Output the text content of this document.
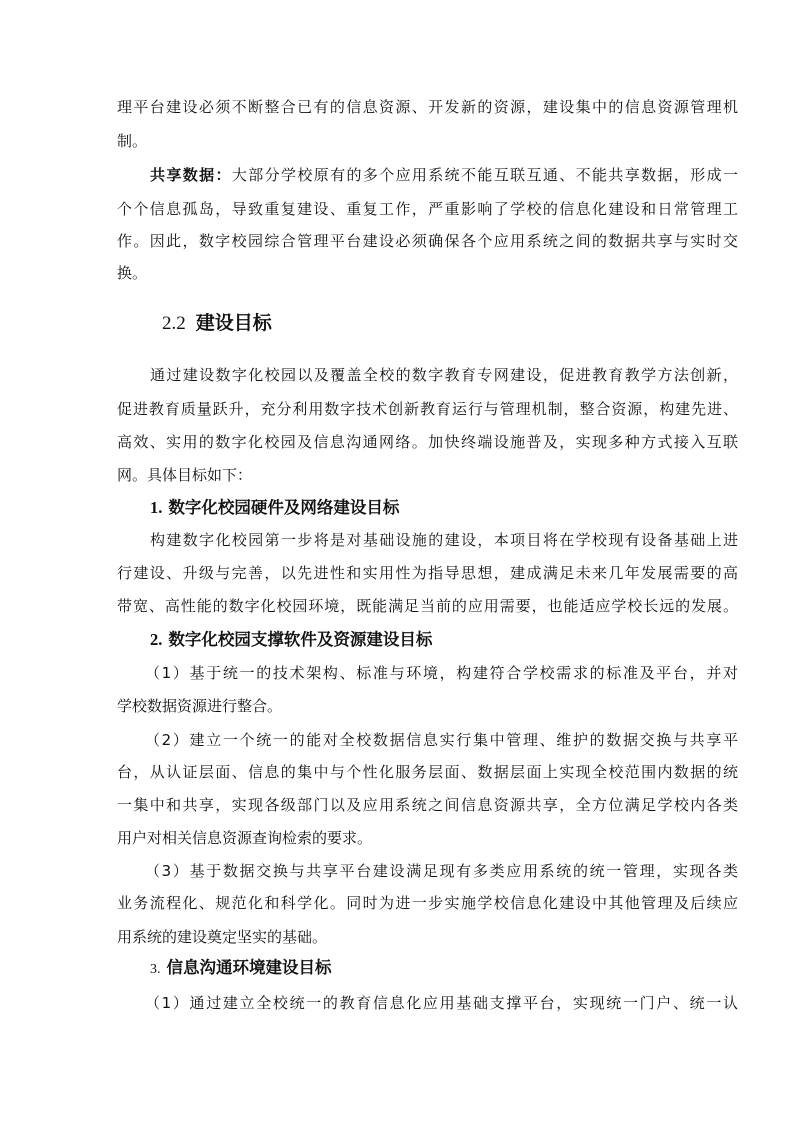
理平台建设必须不断整合已有的信息资源、开发新的资源，建设集中的信息资源管理机
制。
共享数据：大部分学校原有的多个应用系统不能互联互通、不能共享数据，形成一
个个信息孤岛，导致重复建设、重复工作，严重影响了学校的信息化建设和日常管理工
作。因此，数字校园综合管理平台建设必须确保各个应用系统之间的数据共享与实时交
换。
2.2 建设目标
通过建设数字化校园以及覆盖全校的数字教育专网建设，促进教育教学方法创新，
促进教育质量跃升，充分利用数字技术创新教育运行与管理机制，整合资源，构建先进、
高效、实用的数字化校园及信息沟通网络。加快终端设施普及，实现多种方式接入互联
网。具体目标如下：
1. 数字化校园硬件及网络建设目标
构建数字化校园第一步将是对基础设施的建设，本项目将在学校现有设备基础上进
行建设、升级与完善，以先进性和实用性为指导思想，建成满足未来几年发展需要的高
带宽、高性能的数字化校园环境，既能满足当前的应用需要，也能适应学校长远的发展。
2. 数字化校园支撑软件及资源建设目标
（1）基于统一的技术架构、标准与环境，构建符合学校需求的标准及平台，并对
学校数据资源进行整合。
（2）建立一个统一的能对全校数据信息实行集中管理、维护的数据交换与共享平
台，从认证层面、信息的集中与个性化服务层面、数据层面上实现全校范围内数据的统
一集中和共享，实现各级部门以及应用系统之间信息资源共享，全方位满足学校内各类
用户对相关信息资源查询检索的要求。
（3）基于数据交换与共享平台建设满足现有多类应用系统的统一管理，实现各类
业务流程化、规范化和科学化。同时为进一步实施学校信息化建设中其他管理及后续应
用系统的建设奠定坚实的基础。
3. 信息沟通环境建设目标
（1）通过建立全校统一的教育信息化应用基础支撑平台，实现统一门户、统一认
